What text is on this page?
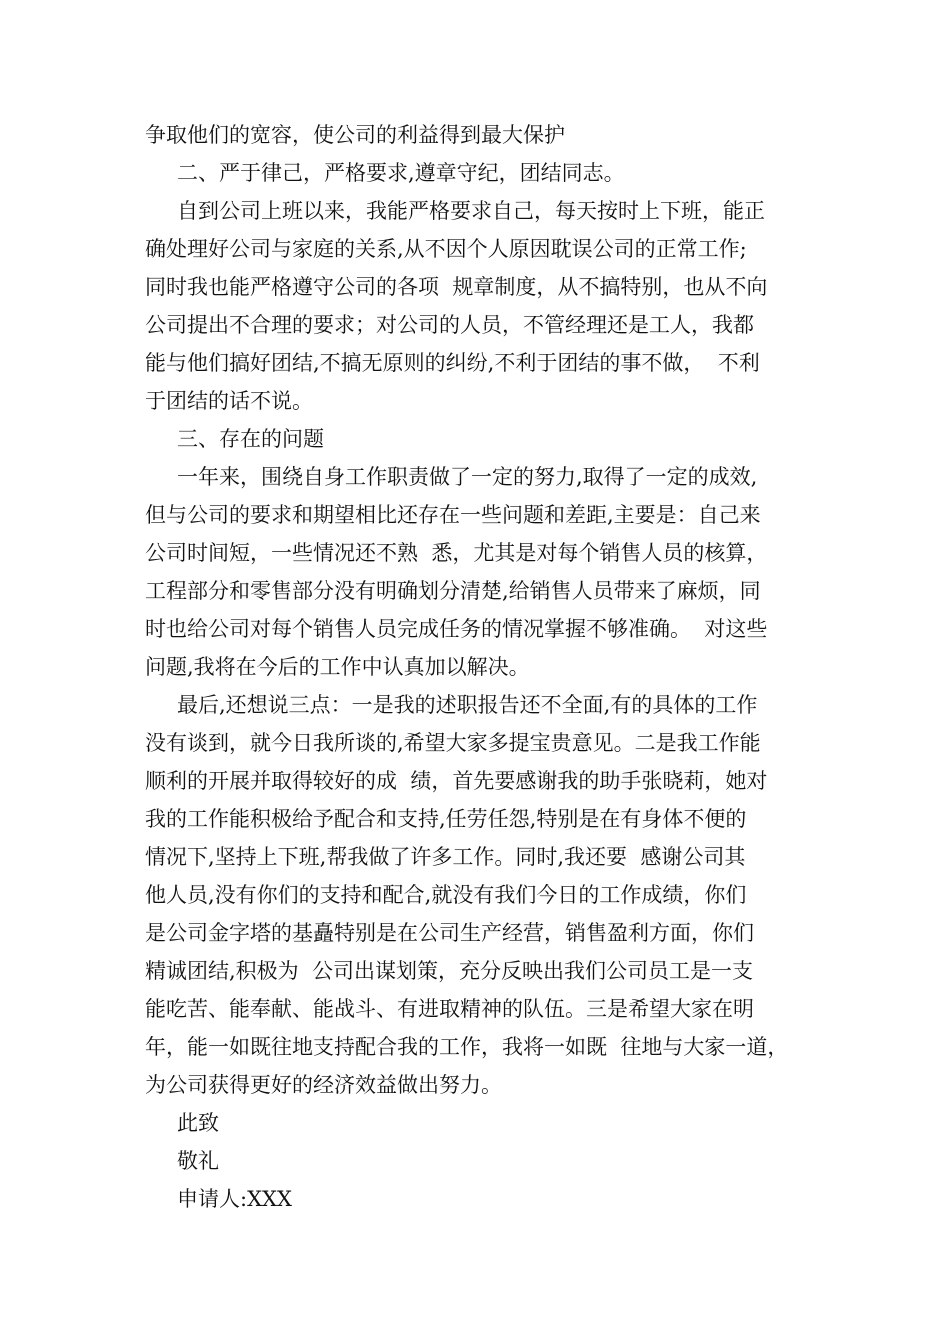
争取他们的宽容，使公司的利益得到最大保护
二、严于律己，严格要求,遵章守纪，团结同志。
自到公司上班以来，我能严格要求自己，每天按时上下班，能正
确处理好公司与家庭的关系,从不因个人原因耽误公司的正常工作;
同时我也能严格遵守公司的各项  规章制度，从不搞特别，也从不向
公司提出不合理的要求；对公司的人员，不管经理还是工人，我都
能与他们搞好团结,不搞无原则的纠纷,不利于团结的事不做，  不利
于团结的话不说。
三、存在的问题
一年来，围绕自身工作职责做了一定的努力,取得了一定的成效,
但与公司的要求和期望相比还存在一些问题和差距,主要是：自己来
公司时间短，一些情况还不熟  悉，尤其是对每个销售人员的核算，
工程部分和零售部分没有明确划分清楚,给销售人员带来了麻烦，同
时也给公司对每个销售人员完成任务的情况掌握不够准确。  对这些
问题,我将在今后的工作中认真加以解决。
最后,还想说三点：一是我的述职报告还不全面,有的具体的工作
没有谈到，就今日我所谈的,希望大家多提宝贵意见。二是我工作能
顺利的开展并取得较好的成  绩，首先要感谢我的助手张晓莉，她对
我的工作能积极给予配合和支持,任劳任怨,特别是在有身体不便的
情况下,坚持上下班,帮我做了许多工作。同时,我还要  感谢公司其
他人员,没有你们的支持和配合,就没有我们今日的工作成绩，你们
是公司金字塔的基矗特别是在公司生产经营，销售盈利方面，你们
精诚团结,积极为  公司出谋划策，充分反映出我们公司员工是一支
能吃苦、能奉献、能战斗、有进取精神的队伍。三是希望大家在明
年，能一如既往地支持配合我的工作，我将一如既  往地与大家一道，
为公司获得更好的经济效益做出努力。
此致
敬礼
申请人:XXX
